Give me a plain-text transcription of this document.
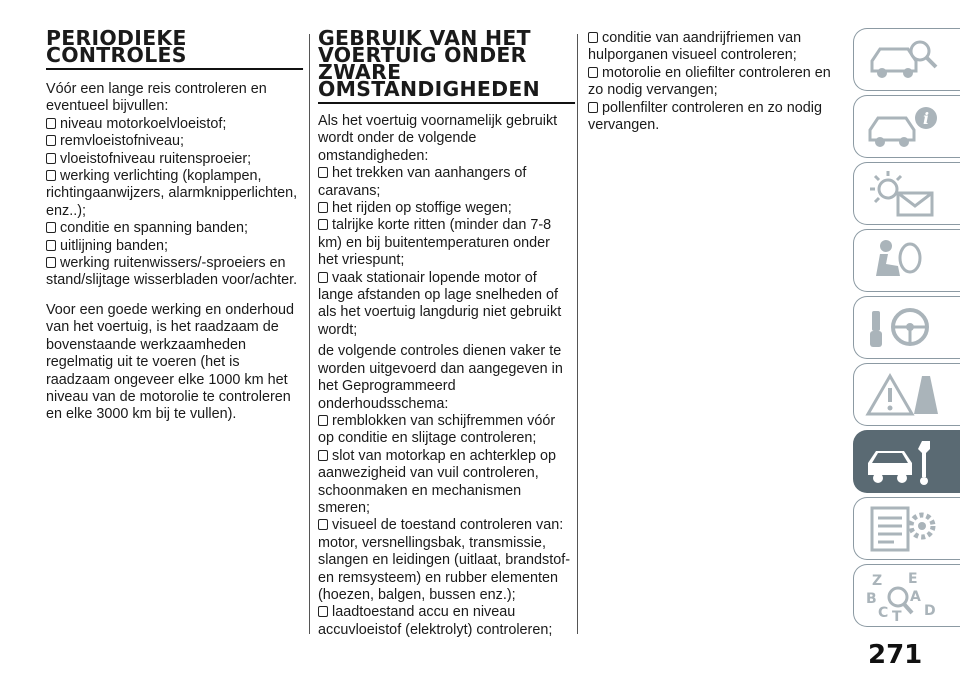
PERIODIEKE
CONTROLES

Vóór een lange reis controleren en eventueel bijvullen:

niveau motorkoelvloeistof;

remvloeistofniveau;

vloeistofniveau ruitensproeier;

werking verlichting (koplampen, richtingaanwijzers, alarmknipperlichten, enz..);

conditie en spanning banden;

uitlijning banden;

werking ruitenwissers/-sproeiers en stand/slijtage wisserbladen voor/achter.

Voor een goede werking en onderhoud van het voertuig, is het raadzaam de bovenstaande werkzaamheden regelmatig uit te voeren (het is raadzaam ongeveer elke 1000 km het niveau van de motorolie te controleren en elke 3000 km bij te vullen).

GEBRUIK VAN HET
VOERTUIG ONDER
ZWARE
OMSTANDIGHEDEN

Als het voertuig voornamelijk gebruikt wordt onder de volgende omstandigheden:

het trekken van aanhangers of caravans;

het rijden op stoffige wegen;

talrijke korte ritten (minder dan 7-8 km) en bij buitentemperaturen onder het vriespunt;

vaak stationair lopende motor of lange afstanden op lage snelheden of als het voertuig langdurig niet gebruikt wordt;

de volgende controles dienen vaker te worden uitgevoerd dan aangegeven in het Geprogrammeerd onderhoudsschema:

remblokken van schijfremmen vóór op conditie en slijtage controleren;

slot van motorkap en achterklep op aanwezigheid van vuil controleren, schoonmaken en mechanismen smeren;

visueel de toestand controleren van: motor, versnellingsbak, transmissie, slangen en leidingen (uitlaat, brandstof- en remsysteem) en rubber elementen (hoezen, balgen, bussen enz.);

laadtoestand accu en niveau accuvloeistof (elektrolyt) controleren;

conditie van aandrijfriemen van hulporganen visueel controleren;

motorolie en oliefilter controleren en zo nodig vervangen;

pollenfilter controleren en zo nodig vervangen.	i
Z E
B A
C T D
271
